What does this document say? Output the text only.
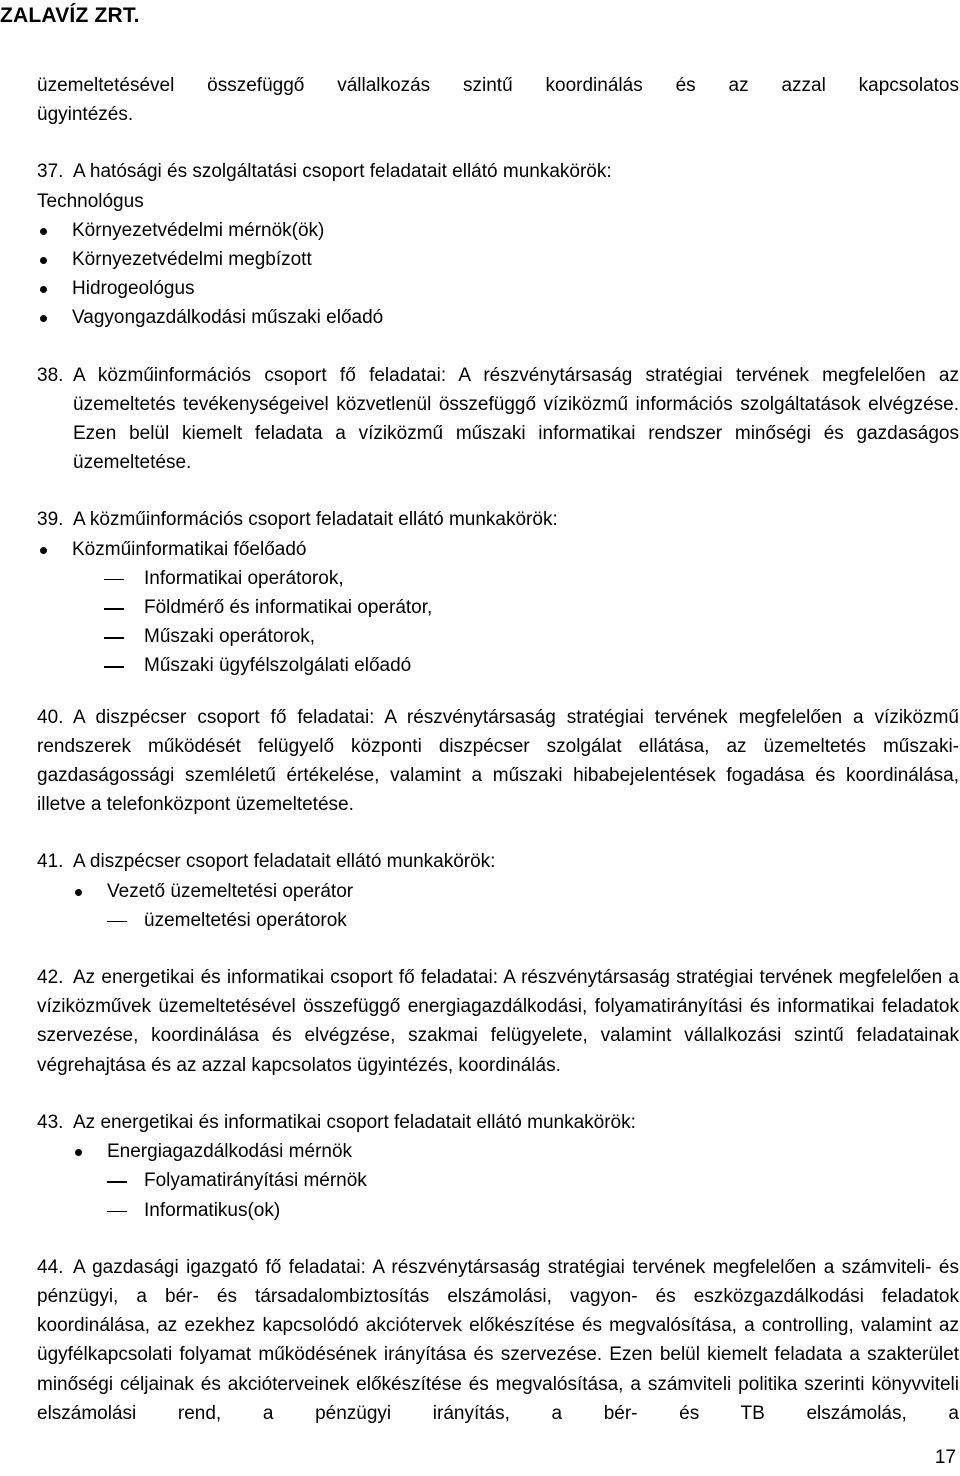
ZALAVÍZ ZRT.
üzemeltetésével összefüggő vállalkozás szintű koordinálás és az azzal kapcsolatos
ügyintézés.
37. A hatósági és szolgáltatási csoport feladatait ellátó munkakörök:
Technológus
Környezetvédelmi mérnök(ök)
Környezetvédelmi megbízott
Hidrogeológus
Vagyongazdálkodási műszaki előadó
38. A közműinformációs csoport fő feladatai: A részvénytársaság stratégiai tervének megfelelően az üzemeltetés tevékenységeivel közvetlenül összefüggő víziközmű információs szolgáltatások elvégzése. Ezen belül kiemelt feladata a víziközmű műszaki informatikai rendszer minőségi és gazdaságos üzemeltetése.
39. A közműinformációs csoport feladatait ellátó munkakörök:
Közműinformatikai főelőadó
Informatikai operátorok,
Földmérő és informatikai operátor,
Műszaki operátorok,
Műszaki ügyfélszolgálati előadó

40. A diszpécser csoport fő feladatai: A részvénytársaság stratégiai tervének megfelelően a víziközmű rendszerek működését felügyelő központi diszpécser szolgálat ellátása, az üzemeltetés műszaki-gazdaságossági szemléletű értékelése, valamint a műszaki hibabejelentések fogadása és koordinálása, illetve a telefonközpont üzemeltetése.

41. A diszpécser csoport feladatait ellátó munkakörök:
Vezető üzemeltetési operátor
üzemeltetési operátorok

42. Az energetikai és informatikai csoport fő feladatai: A részvénytársaság stratégiai tervének megfelelően a víziközművek üzemeltetésével összefüggő energiagazdálkodási, folyamatirányítási és informatikai feladatok szervezése, koordinálása és elvégzése, szakmai felügyelete, valamint vállalkozási szintű feladatainak végrehajtása és az azzal kapcsolatos ügyintézés, koordinálás.

43. Az energetikai és informatikai csoport feladatait ellátó munkakörök:
Energiagazdálkodási mérnök
Folyamatirányítási mérnök
Informatikus(ok)

44. A gazdasági igazgató fő feladatai: A részvénytársaság stratégiai tervének megfelelően a számviteli- és pénzügyi, a bér- és társadalombiztosítás elszámolási, vagyon- és eszközgazdálkodási feladatok koordinálása, az ezekhez kapcsolódó akciótervek előkészítése és megvalósítása, a controlling, valamint az ügyfélkapcsolati folyamat működésének irányítása és szervezése. Ezen belül kiemelt feladata a szakterület minőségi céljainak és akcióterveinek előkészítése és megvalósítása, a számviteli politika szerinti könyvviteli elszámolási rend, a pénzügyi irányítás, a bér- és TB elszámolás, a

17
